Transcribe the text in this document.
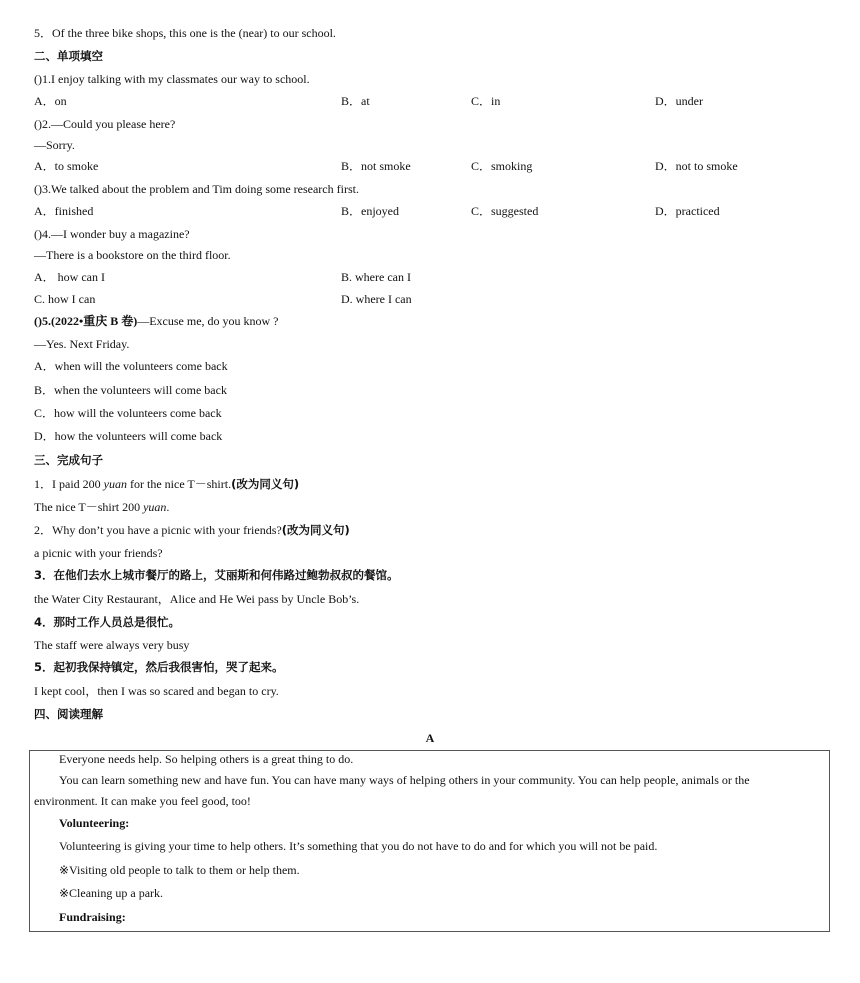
5．Of the three bike shops, this one is the (near) to our school.
二、单项填空
()1.I enjoy talking with my classmates our way to school.
A．on	B．at	C．in	D．under
()2.—Could you please here?
—Sorry.
A．to smoke	B．not smoke	C．smoking	D．not to smoke
()3.We talked about the problem and Tim doing some research first.
A．finished	B．enjoyed	C．suggested	D．practiced
()4.—I wonder buy a magazine?
—There is a bookstore on the third floor.
A． how can I	B. where can I
C. how I can	D. where I can
()5.(2022•重庆 B 卷)—Excuse me, do you know ?
—Yes. Next Friday.
A．when will the volunteers come back
B．when the volunteers will come back
C．how will the volunteers come back
D．how the volunteers will come back
三、完成句子
1．I paid 200 yuan for the nice T－shirt.(改为同义句)
The nice T－shirt 200 yuan.
2．Why don’t you have a picnic with your friends?(改为同义句)
a picnic with your friends?
3．在他们去水上城市餐厅的路上，艾丽斯和何伟路过鲍勃叔叔的餐馆。
the Water City Restaurant，Alice and He Wei pass by Uncle Bob’s.
4．那时工作人员总是很忙。
The staff were always very busy
5．起初我保持镇定，然后我很害怕，哭了起来。
I kept cool，then I was so scared and began to cry.
四、阅读理解
A
Everyone needs help. So helping others is a great thing to do.
You can learn something new and have fun. You can have many ways of helping others in your community. You can help people, animals or the
environment. It can make you feel good, too!
Volunteering:
Volunteering is giving your time to help others. It’s something that you do not have to do and for which you will not be paid.
※Visiting old people to talk to them or help them.
※Cleaning up a park.
Fundraising:
